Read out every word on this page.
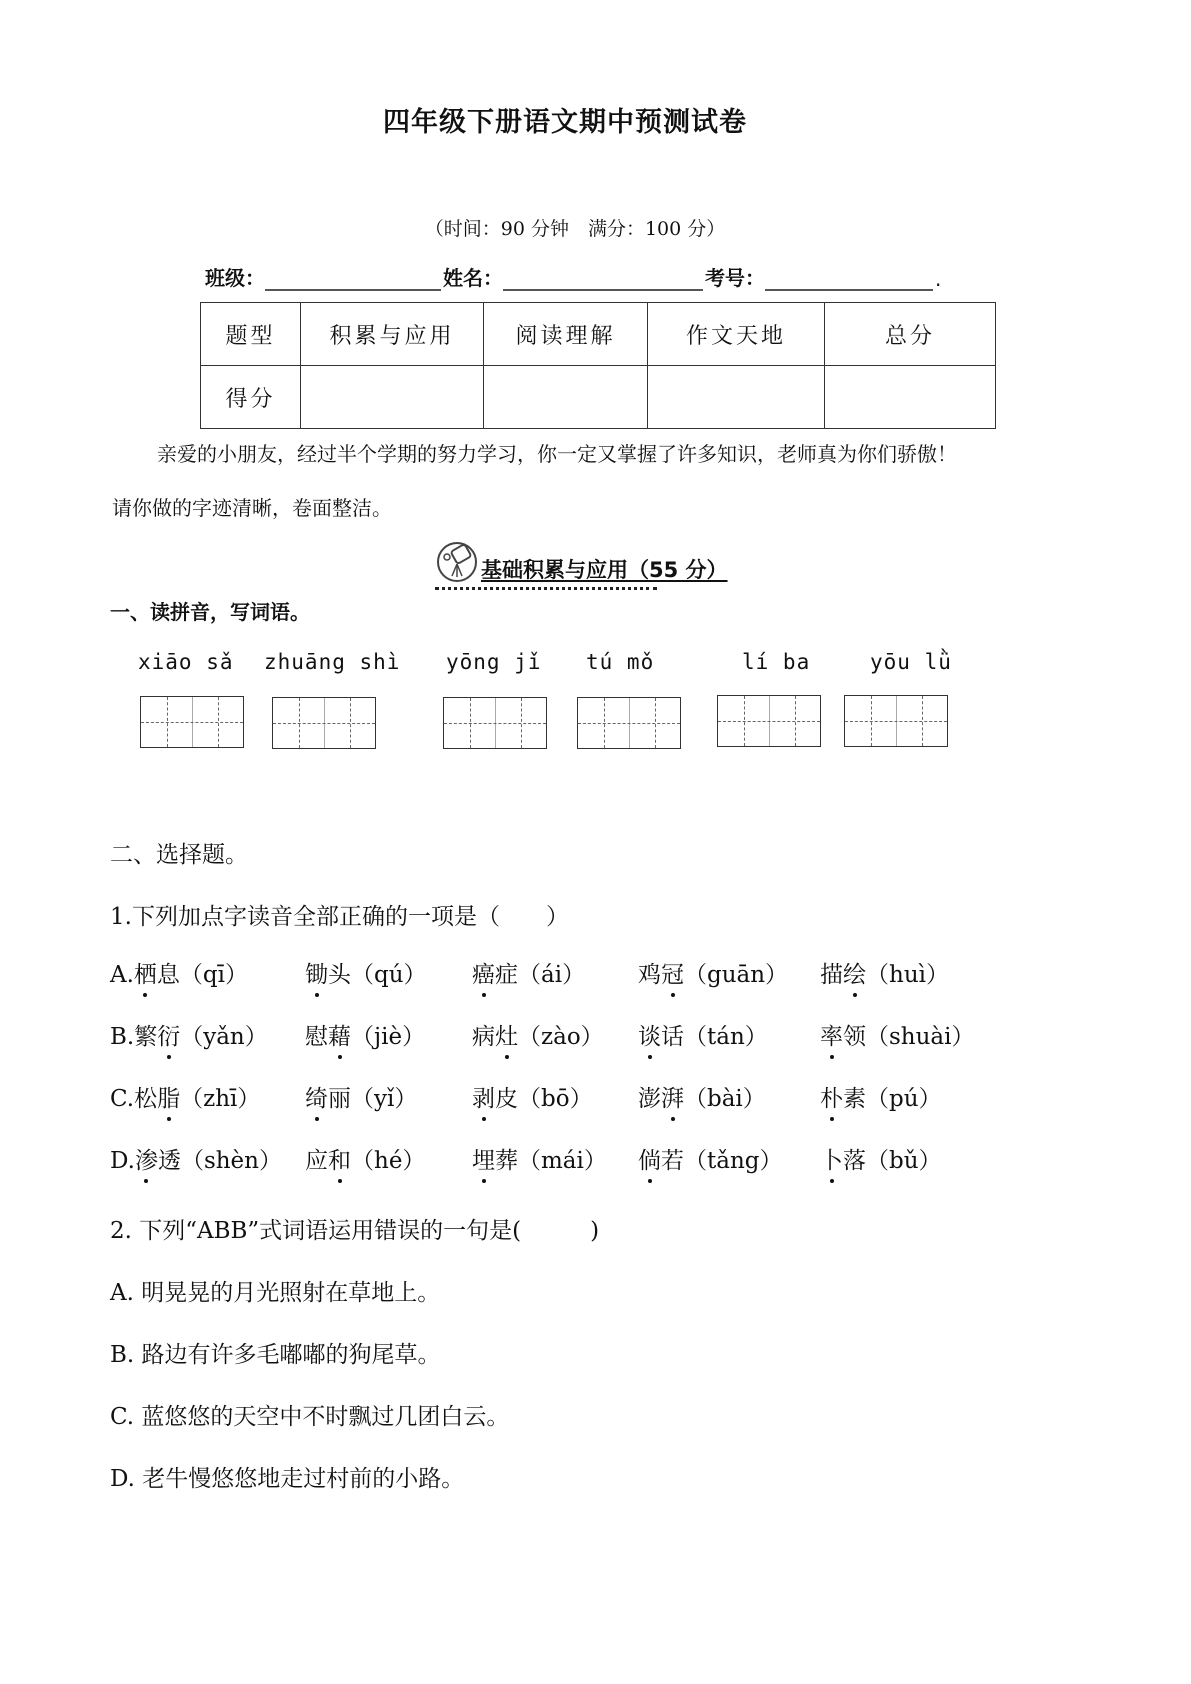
四年级下册语文期中预测试卷
（时间：90 分钟　满分：100 分）
班级：	姓名：	考号：	.
题型	积累与应用	阅读理解	作文天地	总分
得分				
亲爱的小朋友，经过半个学期的努力学习，你一定又掌握了许多知识，老师真为你们骄傲！
请你做的字迹清晰，卷面整洁。
基础积累与应用（55 分）
一、读拼音，写词语。
xiāo sǎ zhuāng shì yōng jǐ tú mǒ	lí ba	yōu lǜ
二、选择题。
1.下列加点字读音全部正确的一项是（　　）
A.栖息（qī） 锄头（qú） 癌症（ái） 鸡冠（guān） 描绘（huì）
B.繁衍（yǎn） 慰藉（jiè） 病灶（zào） 谈话（tán） 率领（shuài）
C.松脂（zhī） 绮丽（yǐ） 剥皮（bō） 澎湃（bài） 朴素（pú）
D.渗透（shèn） 应和（hé） 埋葬（mái） 倘若（tǎng） 卜落（bǔ）
2. 下列“ABB”式词语运用错误的一句是(　　　)
A. 明晃晃的月光照射在草地上。
B. 路边有许多毛嘟嘟的狗尾草。
C. 蓝悠悠的天空中不时飘过几团白云。
D. 老牛慢悠悠地走过村前的小路。
